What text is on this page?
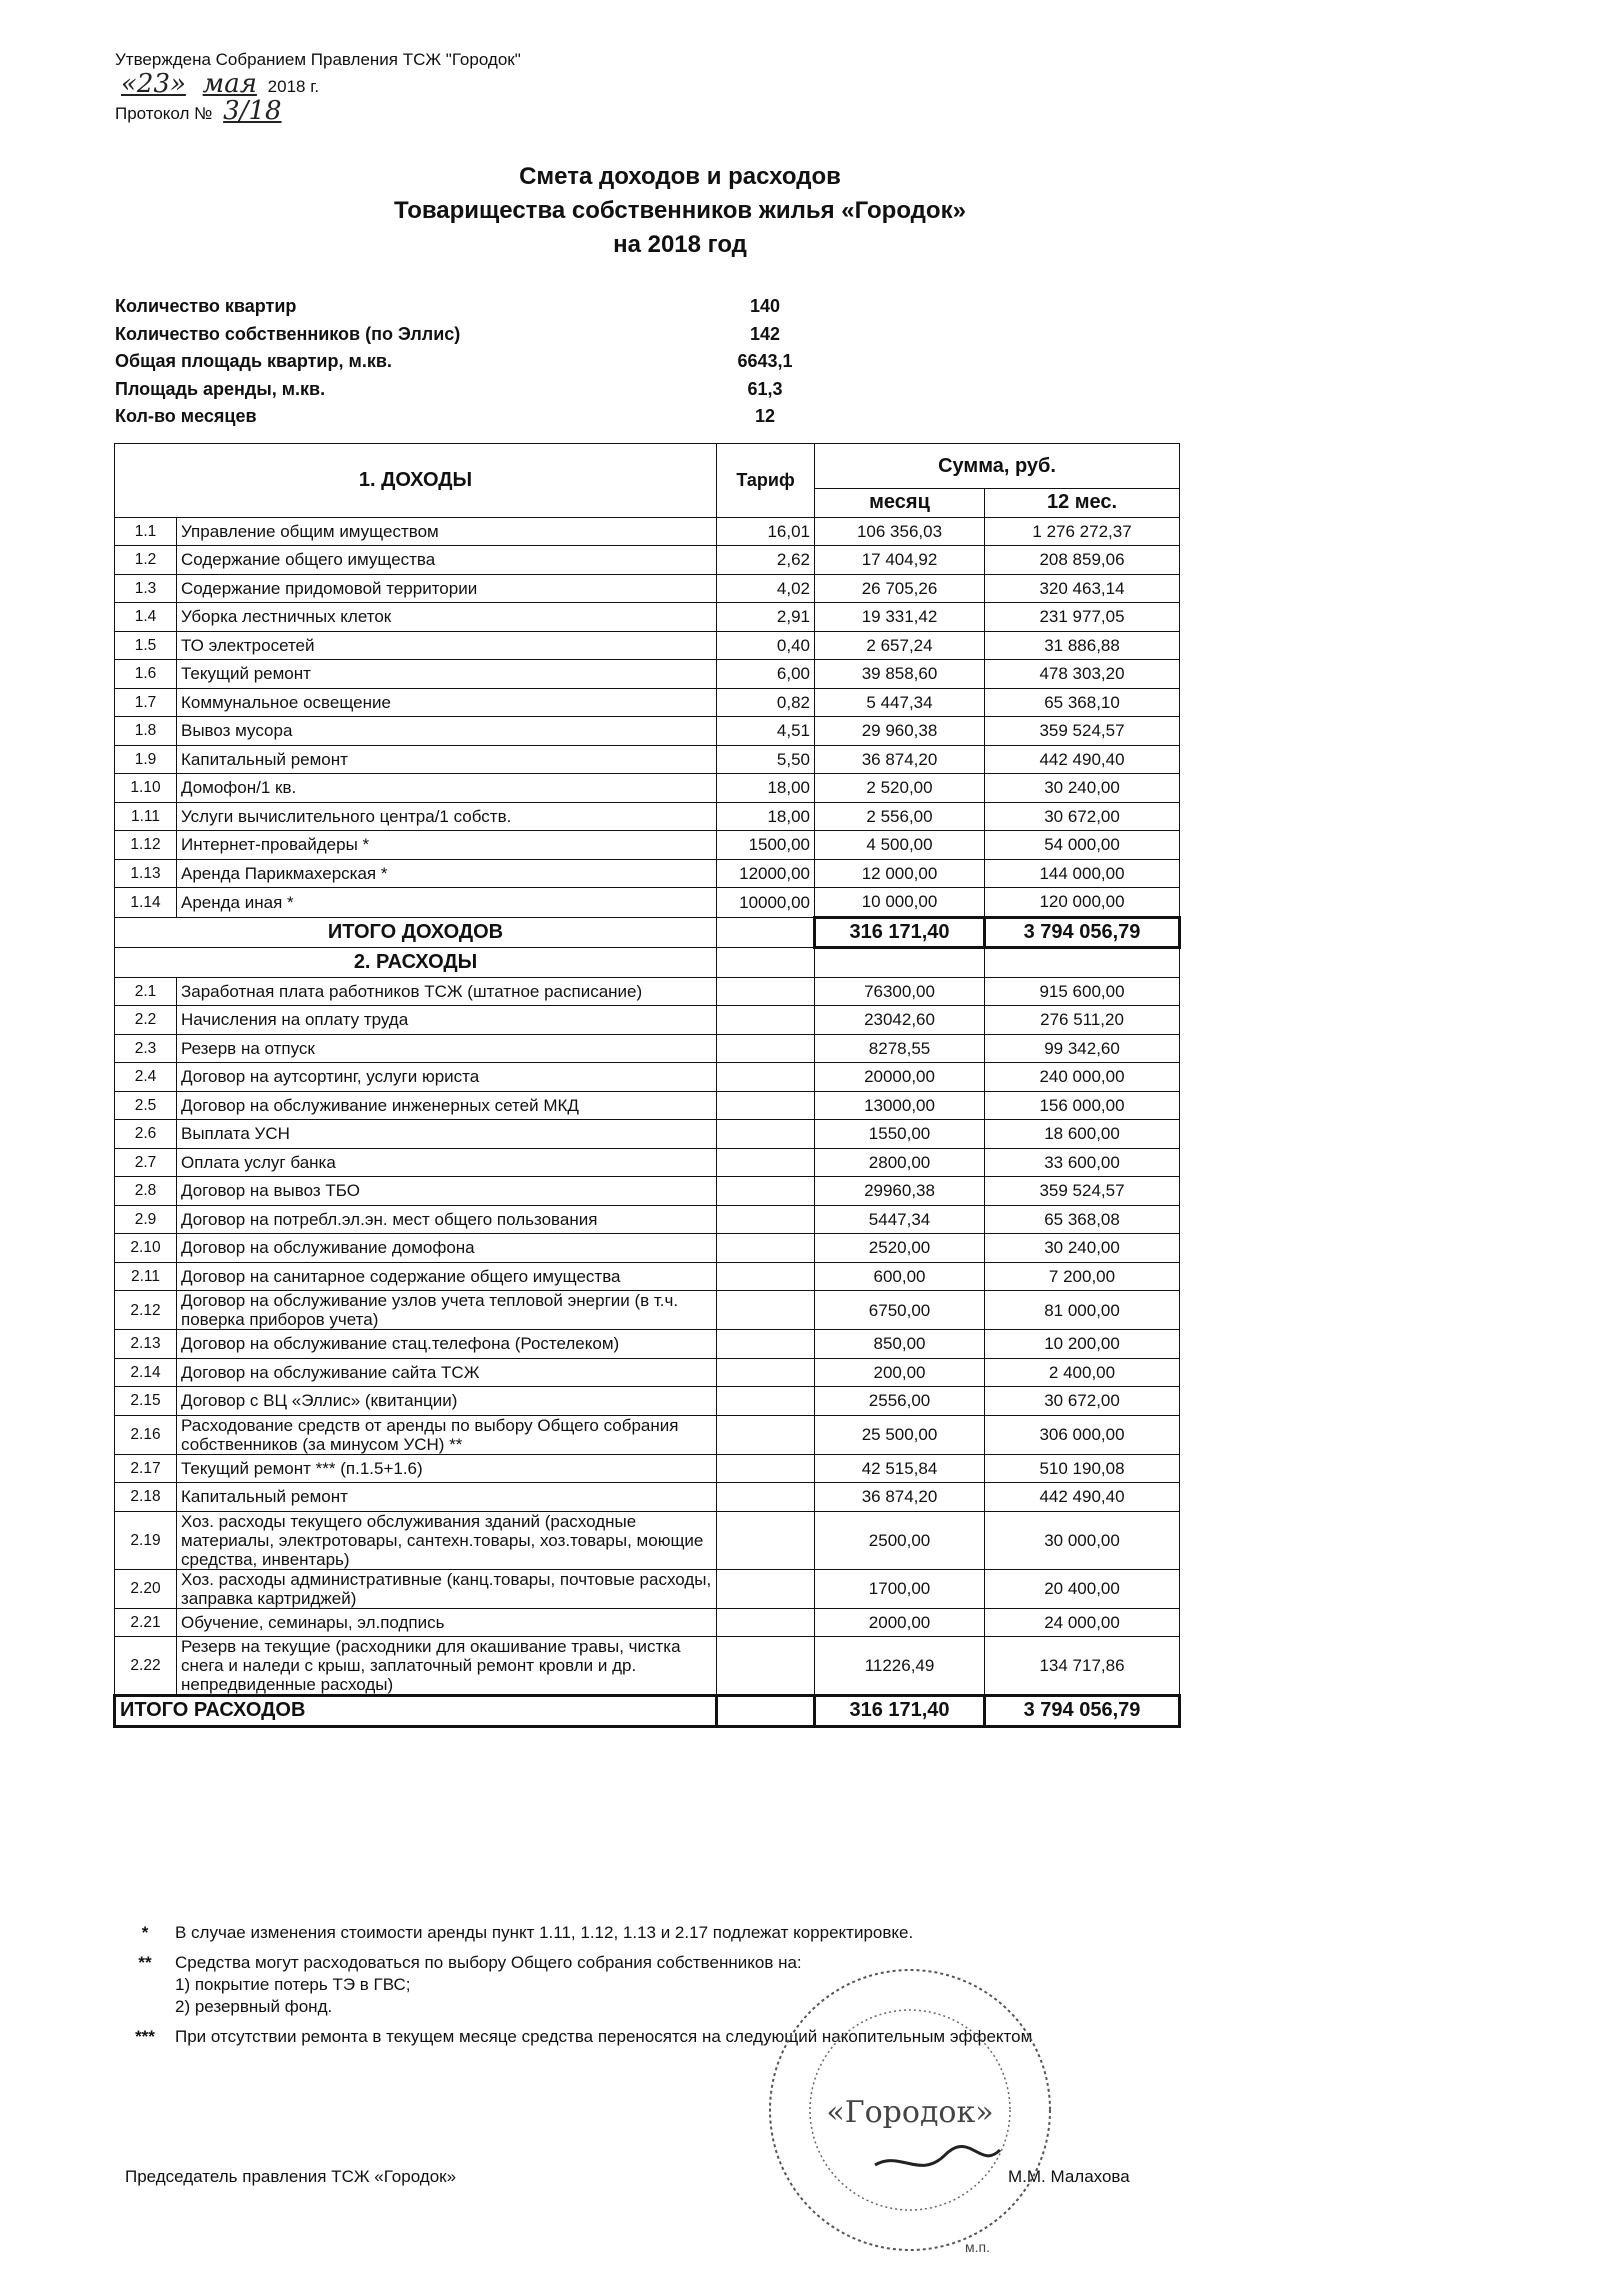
Утверждена Собранием Правления ТСЖ "Городок"
«23» мая 2018 г.
Протокол № 3/18
Смета доходов и расходов
Товарищества собственников жилья «Городок»
на 2018 год
Количество квартир	140
Количество собственников (по Эллис)	142
Общая площадь квартир, м.кв.	6643,1
Площадь аренды, м.кв.	61,3
Кол-во месяцев	12
1. ДОХОДЫ		Тариф	Сумма, руб.	
			месяц	12 мес.
1.1	Управление общим имуществом	16,01	106 356,03	1 276 272,37
1.2	Содержание общего имущества	2,62	17 404,92	208 859,06
1.3	Содержание придомовой территории	4,02	26 705,26	320 463,14
1.4	Уборка лестничных клеток	2,91	19 331,42	231 977,05
1.5	ТО электросетей	0,40	2 657,24	31 886,88
1.6	Текущий ремонт	6,00	39 858,60	478 303,20
1.7	Коммунальное освещение	0,82	5 447,34	65 368,10
1.8	Вывоз мусора	4,51	29 960,38	359 524,57
1.9	Капитальный ремонт	5,50	36 874,20	442 490,40
1.10	Домофон/1 кв.	18,00	2 520,00	30 240,00
1.11	Услуги вычислительного центра/1 собств.	18,00	2 556,00	30 672,00
1.12	Интернет-провайдеры *	1500,00	4 500,00	54 000,00
1.13	Аренда Парикмахерская *	12000,00	12 000,00	144 000,00
1.14	Аренда иная *	10000,00	10 000,00	120 000,00
ИТОГО ДОХОДОВ			316 171,40	3 794 056,79
2. РАСХОДЫ				
2.1	Заработная плата работников ТСЖ (штатное расписание)		76300,00	915 600,00
2.2	Начисления на оплату труда		23042,60	276 511,20
2.3	Резерв на отпуск		8278,55	99 342,60
2.4	Договор на аутсортинг, услуги юриста		20000,00	240 000,00
2.5	Договор на обслуживание инженерных сетей МКД		13000,00	156 000,00
2.6	Выплата УСН		1550,00	18 600,00
2.7	Оплата услуг банка		2800,00	33 600,00
2.8	Договор на вывоз ТБО		29960,38	359 524,57
2.9	Договор на потребл.эл.эн. мест общего пользования		5447,34	65 368,08
2.10	Договор на обслуживание домофона		2520,00	30 240,00
2.11	Договор на санитарное содержание общего имущества		600,00	7 200,00
2.12	Договор на обслуживание узлов учета тепловой энергии (в т.ч. поверка приборов учета)		6750,00	81 000,00
2.13	Договор на обслуживание стац.телефона (Ростелеком)		850,00	10 200,00
2.14	Договор на обслуживание сайта ТСЖ		200,00	2 400,00
2.15	Договор с ВЦ «Эллис» (квитанции)		2556,00	30 672,00
2.16	Расходование средств от аренды по выбору Общего собрания собственников (за минусом УСН) **		25 500,00	306 000,00
2.17	Текущий ремонт *** (п.1.5+1.6)		42 515,84	510 190,08
2.18	Капитальный ремонт		36 874,20	442 490,40
2.19	Хоз. расходы текущего обслуживания зданий (расходные материалы, электротовары, сантехн.товары, хоз.товары, моющие средства, инвентарь)		2500,00	30 000,00
2.20	Хоз. расходы административные (канц.товары, почтовые расходы, заправка картриджей)		1700,00	20 400,00
2.21	Обучение, семинары, эл.подпись		2000,00	24 000,00
2.22	Резерв на текущие (расходники для окашивание травы, чистка снега и наледи с крыш, заплаточный ремонт кровли и др. непредвиденные расходы)		11226,49	134 717,86
ИТОГО РАСХОДОВ			316 171,40	3 794 056,79
*	В случае изменения стоимости аренды пункт 1.11, 1.12, 1.13 и 2.17 подлежат корректировке.
**	Средства могут расходоваться по выбору Общего собрания собственников на:
1) покрытие потерь ТЭ в ГВС;
2) резервный фонд.
***	При отсутствии ремонта в текущем месяце средства переносятся на следующий накопительным эффектом
Председатель правления ТСЖ «Городок»	М.М. Малахова
«Городок»
м.п.
